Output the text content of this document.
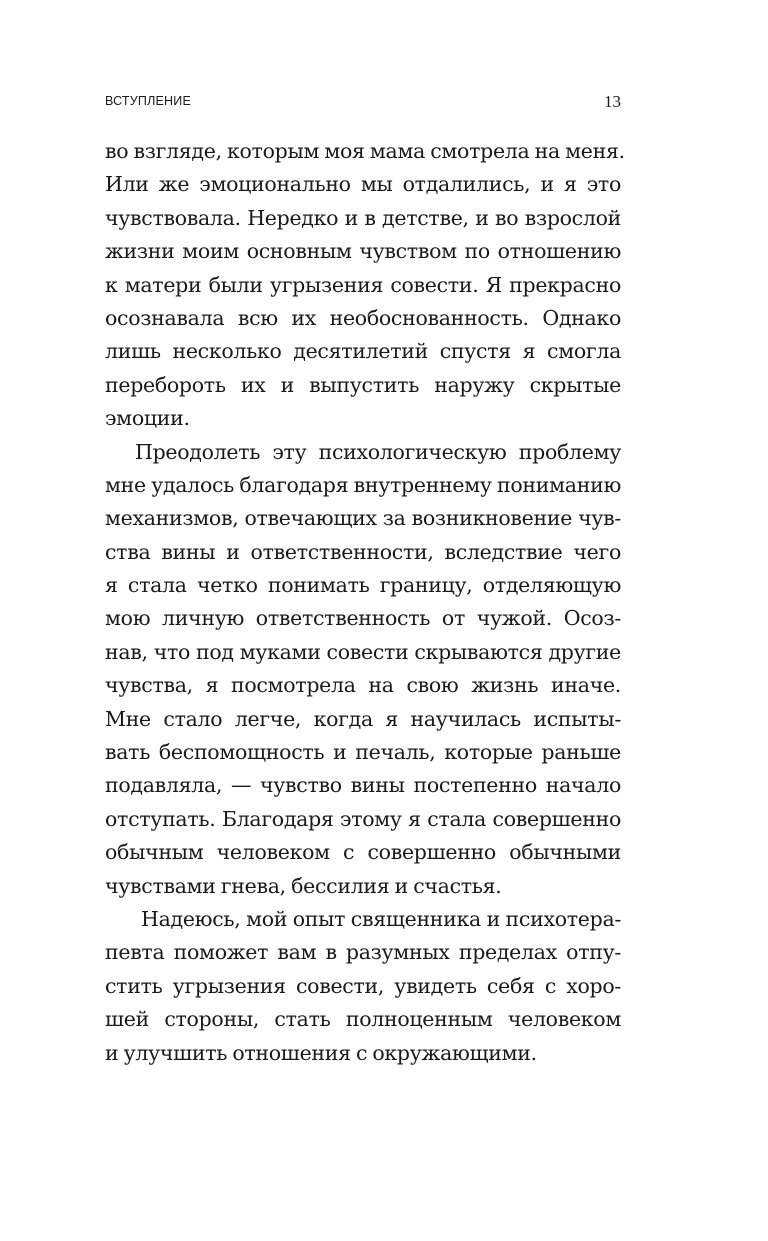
ВСТУПЛЕНИЕ	13
во взгляде, которым моя мама смотрела на меня.
Или же эмоционально мы отдалились, и я это
чувствовала. Нередко и в детстве, и во взрослой
жизни моим основным чувством по отношению
к матери были угрызения совести. Я прекрасно
осознавала всю их необоснованность. Однако
лишь несколько десятилетий спустя я смогла
перебороть их и выпустить наружу скрытые
эмоции.
Преодолеть эту психологическую проблему
мне удалось благодаря внутреннему пониманию
механизмов, отвечающих за возникновение чув-
ства вины и ответственности, вследствие чего
я стала четко понимать границу, отделяющую
мою личную ответственность от чужой. Осоз-
нав, что под муками совести скрываются другие
чувства, я посмотрела на свою жизнь иначе.
Мне стало легче, когда я научилась испыты-
вать беспомощность и печаль, которые раньше
подавляла, — чувство вины постепенно начало
отступать. Благодаря этому я стала совершенно
обычным человеком с совершенно обычными
чувствами гнева, бессилия и счастья.
Надеюсь, мой опыт священника и психотера-
певта поможет вам в разумных пределах отпу-
стить угрызения совести, увидеть себя с хоро-
шей стороны, стать полноценным человеком
и улучшить отношения с окружающими.
